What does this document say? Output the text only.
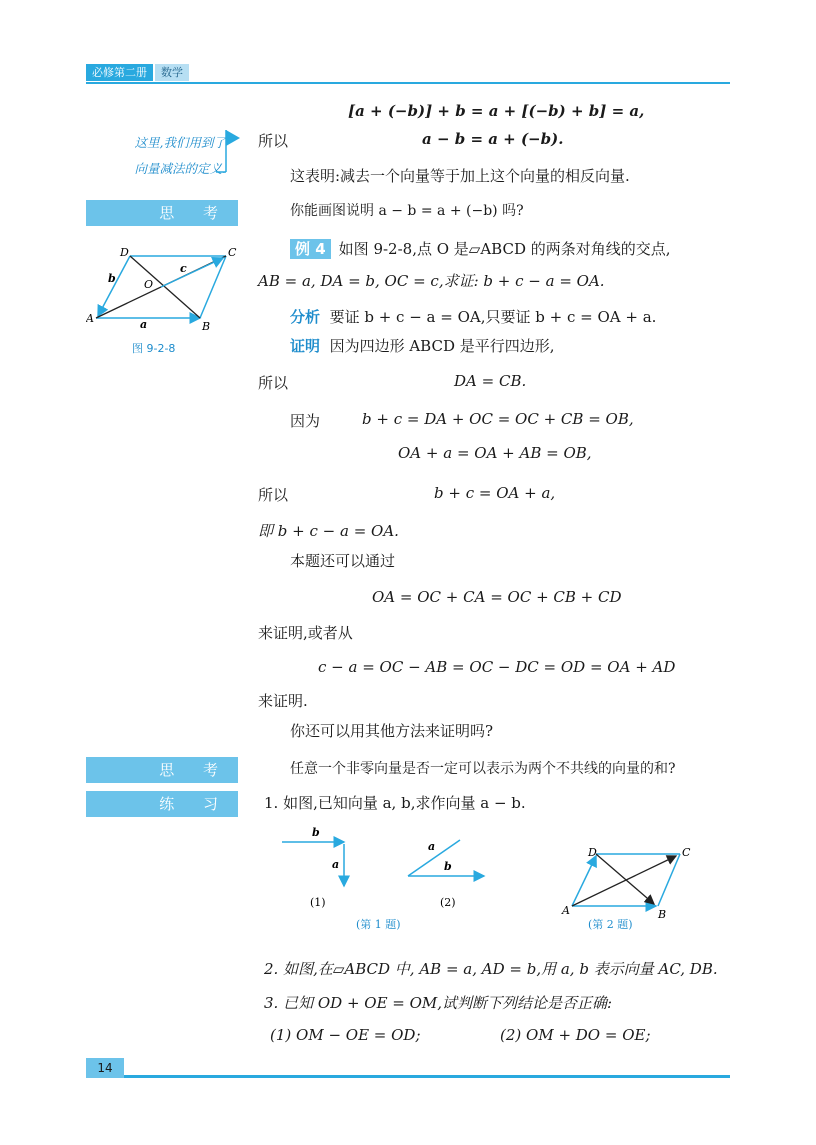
必修第二册	数学
这里,我们用到了
向量减法的定义.
思 考
A
B
C
D
O
a
b
c
图 9-2-8
思 考
练 习
[a + (−b)] + b = a + [(−b) + b] = a,
所以	a − b = a + (−b).
这表明:减去一个向量等于加上这个向量的相反向量.
你能画图说明 a − b = a + (−b) 吗?
例 4 如图 9-2-8,点 O 是▱ABCD 的两条对角线的交点,
AB = a, DA = b, OC = c,求证: b + c − a = OA.
分析 要证 b + c − a = OA,只要证 b + c = OA + a.
证明 因为四边形 ABCD 是平行四边形,
所以	DA = CB.
因为	b + c = DA + OC = OC + CB = OB,
OA + a = OA + AB = OB,
所以	b + c = OA + a,
即 b + c − a = OA.
本题还可以通过
OA = OC + CA = OC + CB + CD
来证明,或者从
c − a = OC − AB = OC − DC = OD = OA + AD
来证明.
你还可以用其他方法来证明吗?
任意一个非零向量是否一定可以表示为两个不共线的向量的和?
1. 如图,已知向量 a, b,求作向量 a − b.
b
a
(1)
a
b
(2)
(第 1 题)
A	B
C
D
(第 2 题)
2. 如图,在▱ABCD 中, AB = a, AD = b,用 a, b 表示向量 AC, DB.
3. 已知 OD + OE = OM,试判断下列结论是否正确:
(1) OM − OE = OD;	(2) OM + DO = OE;
14
